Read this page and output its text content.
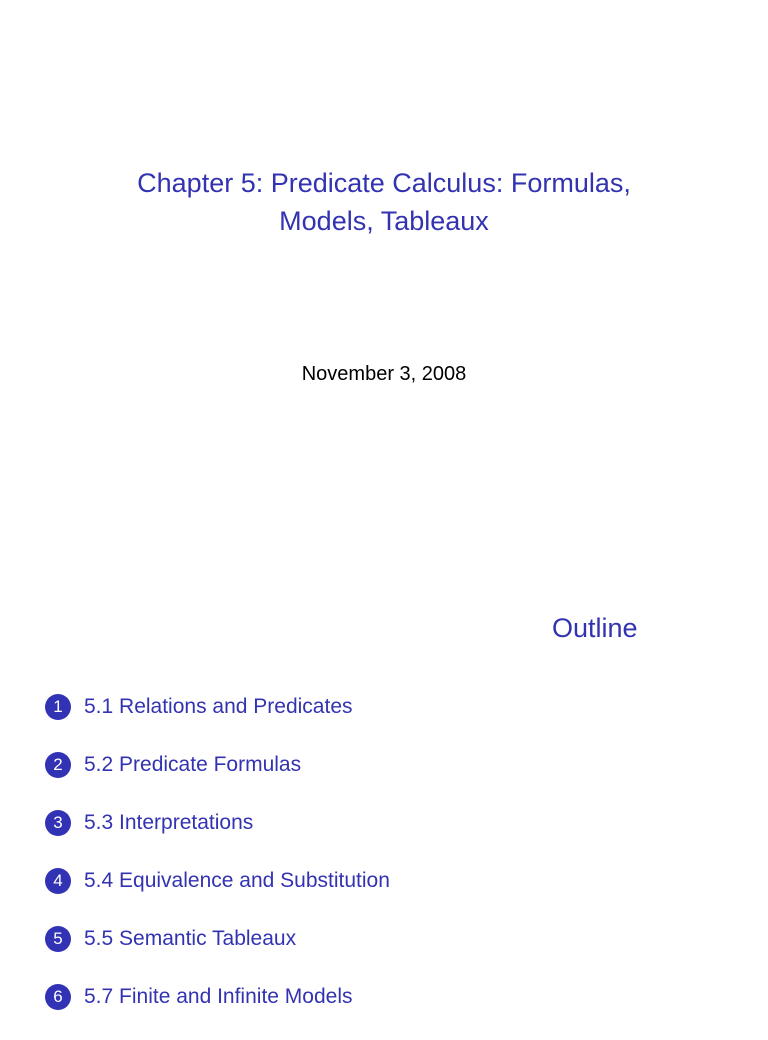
Chapter 5: Predicate Calculus: Formulas,
Models, Tableaux
November 3, 2008
Outline
1	5.1 Relations and Predicates
2	5.2 Predicate Formulas
3	5.3 Interpretations
4	5.4 Equivalence and Substitution
5	5.5 Semantic Tableaux
6	5.7 Finite and Infinite Models
